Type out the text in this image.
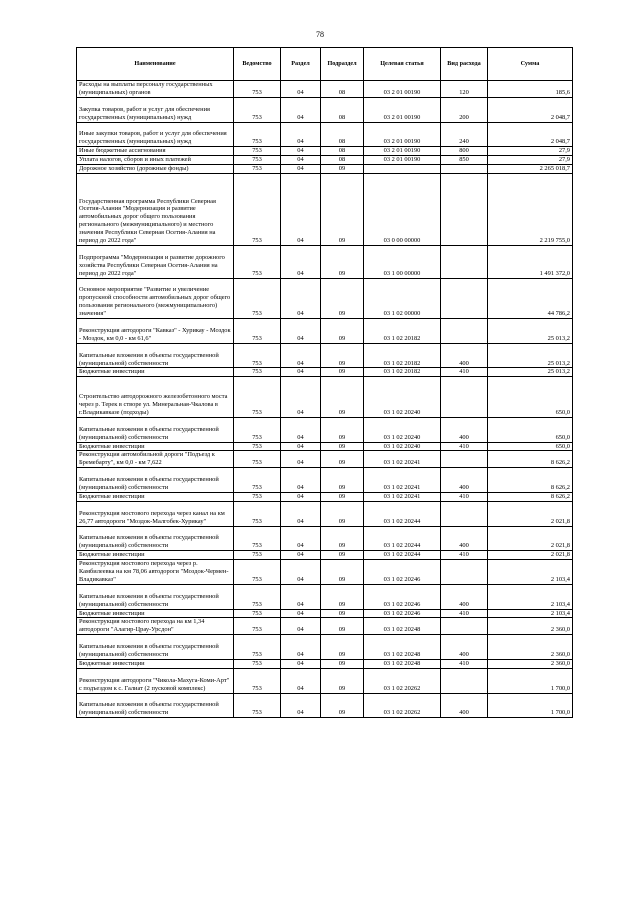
78
Наименование	Ведомство	Раздел	Подраздел	Целевая статья	Вид расхода	Сумма
Расходы на выплаты персоналу государственных (муниципальных) органов	753	04	08	03 2 01 00190	120	185,6
Закупка товаров, работ и услуг для обеспечения государственных (муниципальных) нужд	753	04	08	03 2 01 00190	200	2 048,7
Иные закупки товаров, работ и услуг для обеспечения государственных (муниципальных) нужд	753	04	08	03 2 01 00190	240	2 048,7
Иные бюджетные ассигнования	753	04	08	03 2 01 00190	800	27,9
Уплата налогов, сборов и иных платежей	753	04	08	03 2 01 00190	850	27,9
Дорожное хозяйство (дорожные фонды)	753	04	09			2 265 018,7
Государственная программа Республики Северная Осетия-Алания "Модернизация и развитие автомобильных дорог общего пользования регионального (межмуниципального) и местного значения Республики Северная Осетия-Алания на период до 2022 года"	753	04	09	03 0 00 00000		2 219 755,0
Подпрограмма "Модернизация и развитие дорожного хозяйства Республики Северная Осетия-Алания на период до 2022 года"	753	04	09	03 1 00 00000		1 491 372,0
Основное мероприятие "Развитие и увеличение пропускной способности автомобильных дорог общего пользования регионального (межмуниципального) значения"	753	04	09	03 1 02 00000		44 786,2
Реконструкция автодороги "Кавказ" - Хурикау - Моздок - Моздок, км 0,0 - км 61,6"	753	04	09	03 1 02 20182		25 013,2
Капитальные вложения в объекты государственной (муниципальной) собственности	753	04	09	03 1 02 20182	400	25 013,2
Бюджетные инвестиции	753	04	09	03 1 02 20182	410	25 013,2
Строительство автодорожного железобетонного моста через р. Терек в створе ул. Минеральная-Чкалова в г.Владикавказе (подходы)	753	04	09	03 1 02 20240		650,0
Капитальные вложения в объекты государственной (муниципальной) собственности	753	04	09	03 1 02 20240	400	650,0
Бюджетные инвестиции	753	04	09	03 1 02 20240	410	650,0
Реконструкция автомобильной дороги "Подъезд к Бремебарту", км 0,0 - км 7,622	753	04	09	03 1 02 20241		8 626,2
Капитальные вложения в объекты государственной (муниципальной) собственности	753	04	09	03 1 02 20241	400	8 626,2
Бюджетные инвестиции	753	04	09	03 1 02 20241	410	8 626,2
Реконструкция мостового перехода через канал на км 26,77 автодороги "Моздок-Малгобек-Хурикау"	753	04	09	03 1 02 20244		2 021,8
Капитальные вложения в объекты государственной (муниципальной) собственности	753	04	09	03 1 02 20244	400	2 021,8
Бюджетные инвестиции	753	04	09	03 1 02 20244	410	2 021,8
Реконструкция мостового перехода через р. Камбилеевка на км 78,06 автодороги "Моздок-Чермен-Владикавказ"	753	04	09	03 1 02 20246		2 103,4
Капитальные вложения в объекты государственной (муниципальной) собственности	753	04	09	03 1 02 20246	400	2 103,4
Бюджетные инвестиции	753	04	09	03 1 02 20246	410	2 103,4
Реконструкция мостового перехода на км 1,34 автодороги "Алагир-Црау-Урсдон"	753	04	09	03 1 02 20248		2 360,0
Капитальные вложения в объекты государственной (муниципальной) собственности	753	04	09	03 1 02 20248	400	2 360,0
Бюджетные инвестиции	753	04	09	03 1 02 20248	410	2 360,0
Реконструкция автодороги "Чикола-Махуга-Коми-Арт" с подъездом к с. Галиат (2 пусковой комплекс)	753	04	09	03 1 02 20262		1 700,0
Капитальные вложения в объекты государственной (муниципальной) собственности	753	04	09	03 1 02 20262	400	1 700,0
